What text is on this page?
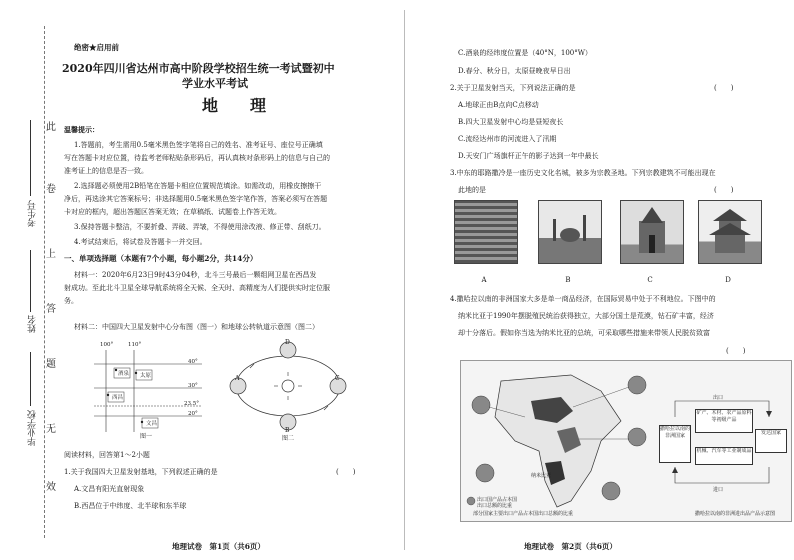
此
卷
上
答
题
无
效
考生号
姓名
毕业学校
绝密★启用前
2020年四川省达州市高中阶段学校招生统一考试暨初中
学业水平考试
地　理
温馨提示：
1.答题前，考生需用0.5毫米黑色签字笔将自己的姓名、准考证号、座位号正确填
写在答题卡对应位置，待监考老师粘贴条形码后，再认真核对条形码上的信息与自己的
准考证上的信息是否一致。
2.选择题必须使用2B铅笔在答题卡相应位置规范填涂。如需改动，用橡皮擦擦干
净后，再选涂其它答案标号；非选择题用0.5毫米黑色签字笔作答，答案必须写在答题
卡对应的框内，超出答题区答案无效；在草稿纸、试题卷上作答无效。
3.保持答题卡整洁，不要折叠、弄破、弄皱，不得使用涂改液、修正带、刮纸刀。
4.考试结束后，将试卷及答题卡一并交回。
一、单项选择题（本题有7个小题，每小题2分，共14分）
材料一：2020年6月23日9时43分04秒，北斗三号最后一颗组网卫星在西昌发
射成功。至此北斗卫星全球导航系统将全天候、全天时、高精度为人们提供实时定位服
务。
材料二：中国四大卫星发射中心分布图（图一）和地球公转轨道示意图（图二）
100°	110°
40°
30°
23.5°
20°
酒泉 太原
西昌
文昌
图一
D
A
B
C
图二
阅读材料，回答第1～2小题
1.关于我国四大卫星发射基地，下列叙述正确的是	(　　)
A.文昌有阳光直射现象
B.西昌位于中纬度、北半球和东半球
地理试卷　第1页（共6页）
C.酒泉的经纬度位置是（40°N，100°W）
D.春分、秋分日，太原昼晚夜早日出
2.关于卫星发射当天，下列说法正确的是	(　　)
A.地球正由B点向C点移动
B.四大卫星发射中心均是昼短夜长
C.流经达州市的河流进入了汛期
D.天安门广场旗杆正午的影子达到一年中最长
3.中东的耶路撒冷是一座历史文化名城，被多为宗教圣地。下列宗教建筑不可能出现在
此地的是	(　　)
A	B	C	D
4.撒哈拉以南的非洲国家大多是单一商品经济，在国际贸易中处于不利地位。下图中的
纳米比亚于1990年摆脱殖民统治获得独立，大部分国土是荒漠，钻石矿丰富，经济
却十分落后。假如你当选为纳米比亚的总统，可采取哪些措施来带领人民脱贫致富
(　　)
纳米比亚
出口国产品占本国
出口总额的比重
部分国家主要出口产品占本国出口总额的比重
撒哈拉以南的非洲国家
出口
矿产、木材、农产品原料等初级产品
机械、汽车等工业制成品
进口
发达国家
撒哈拉以南的非洲进出品产品示意图
地理试卷　第2页（共6页）
